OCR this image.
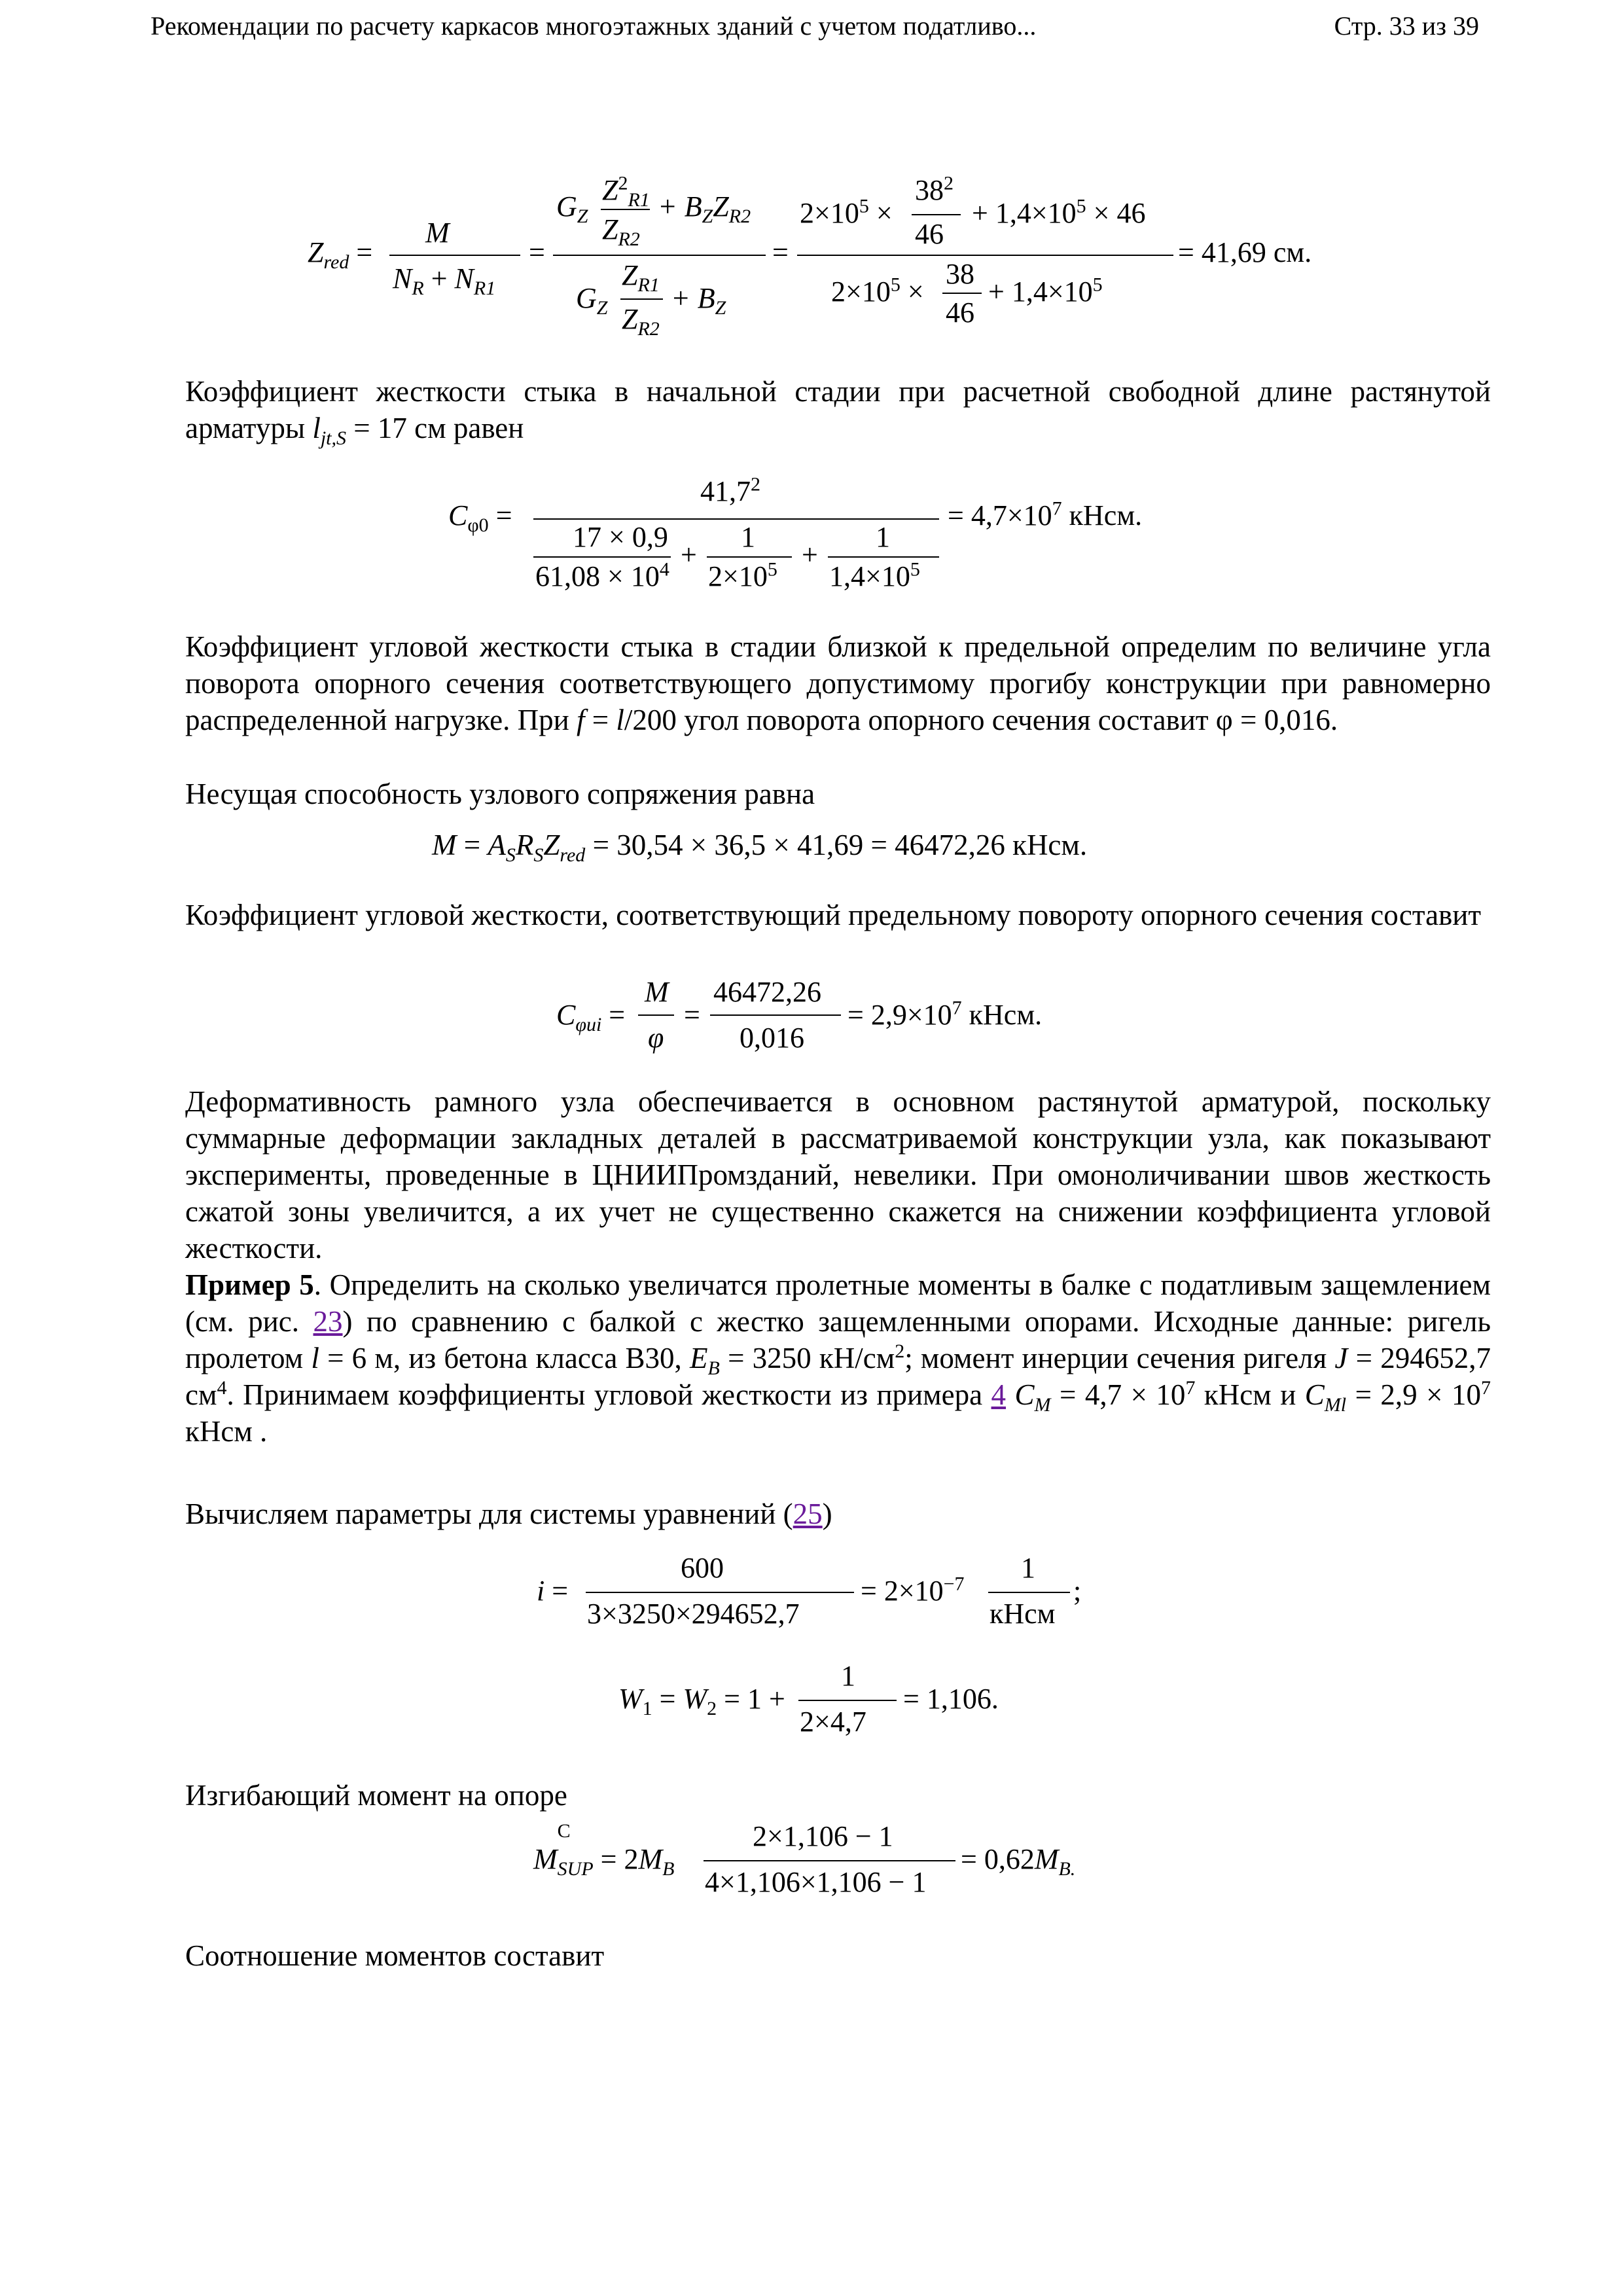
Рекомендации по расчету каркасов многоэтажных зданий с учетом податливо...	Стр. 33 из 39
$Z_{red}$ =
M
$N_R + N_{R1}$
=
$G_Z$
$Z^2_{R1}$
$Z_{R2}$
+ $B_ZZ_{R2}$
$G_Z$
$Z_{R1}$
$Z_{R2}$
+ $B_Z$
=
$2\times 10^5$ ×
$38^2$
46
+ $1,4\times 10^5 \times 46$
$2\times 10^5$ ×
38
46
+ $1,4\times 10^5$
= 41,69 см.
Коэффициент жесткости стыка в начальной стадии при расчетной свободной длине растянутой арматуры $l_{jt,S} = 17$ см равен
$C_{\varphi 0}$ =
$41,7^2$
17 × 0,9
$61,08 \times 10^4$ +
1
$2\times 10^5$ +
1
$1,4\times 10^5$
= $4,7\times 10^7$ кНсм.
Коэффициент угловой жесткости стыка в стадии близкой к предельной определим по величине угла поворота опорного сечения соответствующего допустимому прогибу конструкции при равномерно распределенной нагрузке. При f = l/200 угол поворота опорного сечения составит φ = 0,016.
Несущая способность узлового сопряжения равна
$M = A_SR_SZ_{red} = 30,54 \times 36,5 \times 41,69 = 46472,26$ кНсм.
Коэффициент угловой жесткости, соответствующий предельному повороту опорного сечения составит
$C_{\varphi ui}$ =
M
φ
=
46472,26
0,016
= $2,9\times 10^7$ кНсм.
Деформативность рамного узла обеспечивается в основном растянутой арматурой, поскольку суммарные деформации закладных деталей в рассматриваемой конструкции узла, как показывают эксперименты, проведенные в ЦНИИПромзданий, невелики. При омоноличивании швов жесткость сжатой зоны увеличится, а их учет не существенно скажется на снижении коэффициента угловой жесткости.
Пример 5. Определить на сколько увеличатся пролетные моменты в балке с податливым защемлением (см. рис. 23) по сравнению с балкой с жестко защемленными опорами. Исходные данные: ригель пролетом l = 6 м, из бетона класса В30, $E_B = 3250$ $кН/см^2$; момент инерции сечения ригеля J = 294652,7 $см^4$. Принимаем коэффициенты угловой жесткости из примера 4 $C_M = 4,7 \times 10^7$ кНсм и $C_{Ml} = 2,9 \times 10^7$ кНсм .
Вычисляем параметры для системы уравнений (25)
i =
600
3×3250×294652,7
= $2\times 10^{-7}$ 1
кНсм
;
$W_1 = W_2 = 1$ +
1
2×4,7
= 1,106.
Изгибающий момент на опоре
M
C
$_{SUP} = 2M_B$
2×1,106 − 1
4×1,106×1,106 − 1
= $0,62M_{B.}$
Соотношение моментов составит
